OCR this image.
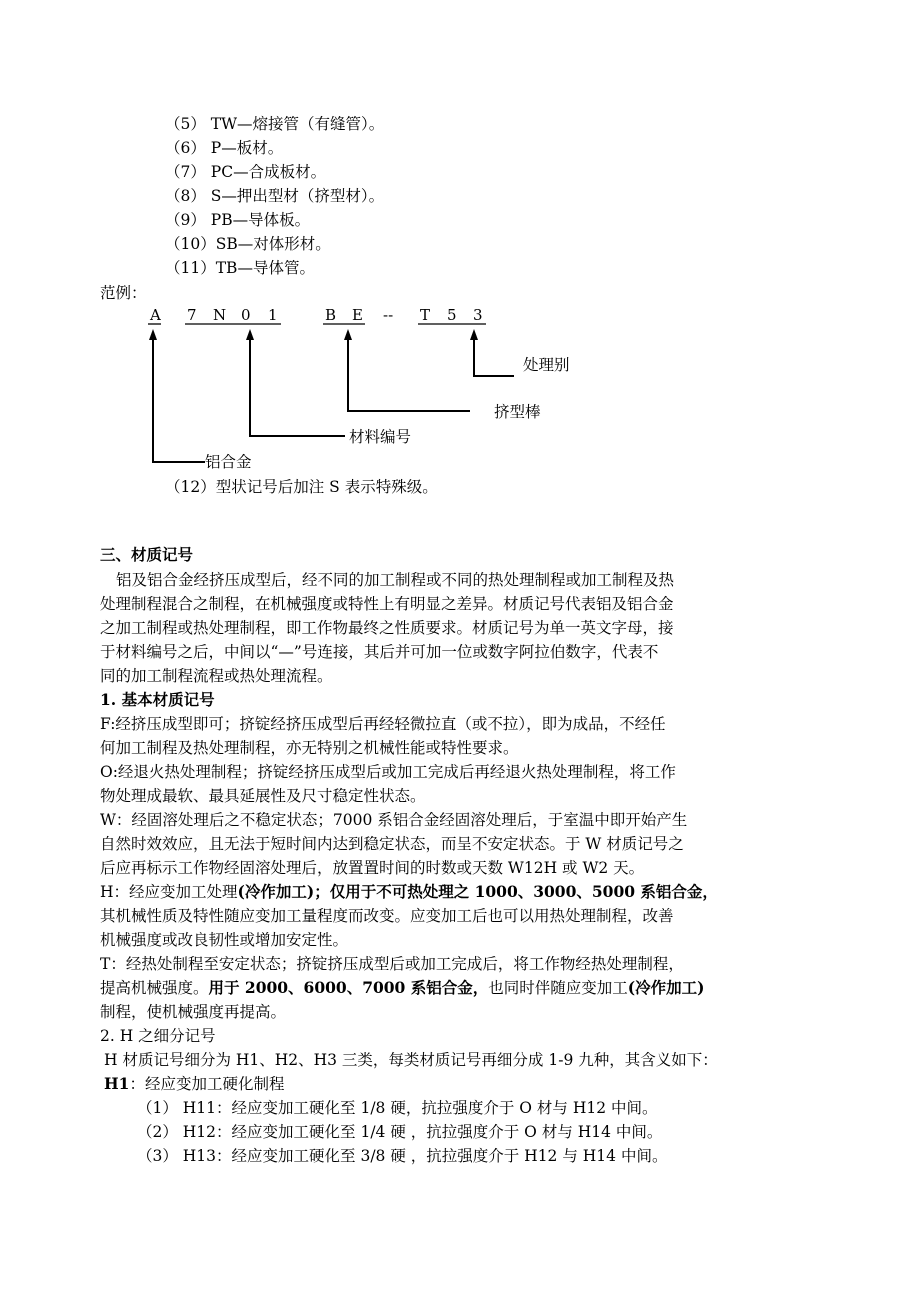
处理别
挤型棒
材料编号
铝合金
（5） TW—熔接管（有缝管）。
（6） P—板材。
（7） PC—合成板材。
（8） S—押出型材（挤型材）。
（9） PB—导体板。
（10）SB—对体形材。
（11）TB—导体管。
范例：
（12）型状记号后加注 S 表示特殊级。
三、材质记号
铝及铝合金经挤压成型后，经不同的加工制程或不同的热处理制程或加工制程及热
处理制程混合之制程，在机械强度或特性上有明显之差异。材质记号代表铝及铝合金
之加工制程或热处理制程，即工作物最终之性质要求。材质记号为单一英文字母，接
于材料编号之后，中间以“—”号连接，其后并可加一位或数字阿拉伯数字，代表不
同的加工制程流程或热处理流程。
1. 基本材质记号
F:经挤压成型即可；挤锭经挤压成型后再经轻微拉直（或不拉），即为成品，不经任
何加工制程及热处理制程，亦无特别之机械性能或特性要求。
O:经退火热处理制程；挤锭经挤压成型后或加工完成后再经退火热处理制程，将工作
物处理成最软、最具延展性及尺寸稳定性状态。
W：经固溶处理后之不稳定状态；7000 系铝合金经固溶处理后，于室温中即开始产生
自然时效效应，且无法于短时间内达到稳定状态，而呈不安定状态。于 W 材质记号之
后应再标示工作物经固溶处理后，放置置时间的时数或天数 W12H 或 W2 天。
H：经应变加工处理(冷作加工)；仅用于不可热处理之 1000、3000、5000 系铝合金，
其机械性质及特性随应变加工量程度而改变。应变加工后也可以用热处理制程，改善
机械强度或改良韧性或增加安定性。
T：经热处制程至安定状态；挤锭挤压成型后或加工完成后，将工作物经热处理制程，
提高机械强度。用于 2000、6000、7000 系铝合金，也同时伴随应变加工(冷作加工)
制程，使机械强度再提高。
2. H 之细分记号
H 材质记号细分为 H1、H2、H3 三类，每类材质记号再细分成 1-9 九种，其含义如下：
H1：经应变加工硬化制程
（1） H11：经应变加工硬化至 1/8 硬，抗拉强度介于 O 材与 H12 中间。
（2） H12：经应变加工硬化至 1/4 硬 ，抗拉强度介于 O 材与 H14 中间。
（3） H13：经应变加工硬化至 3/8 硬 ，抗拉强度介于 H12 与 H14 中间。
A 7 N 0 1	B E -- T 5 3
